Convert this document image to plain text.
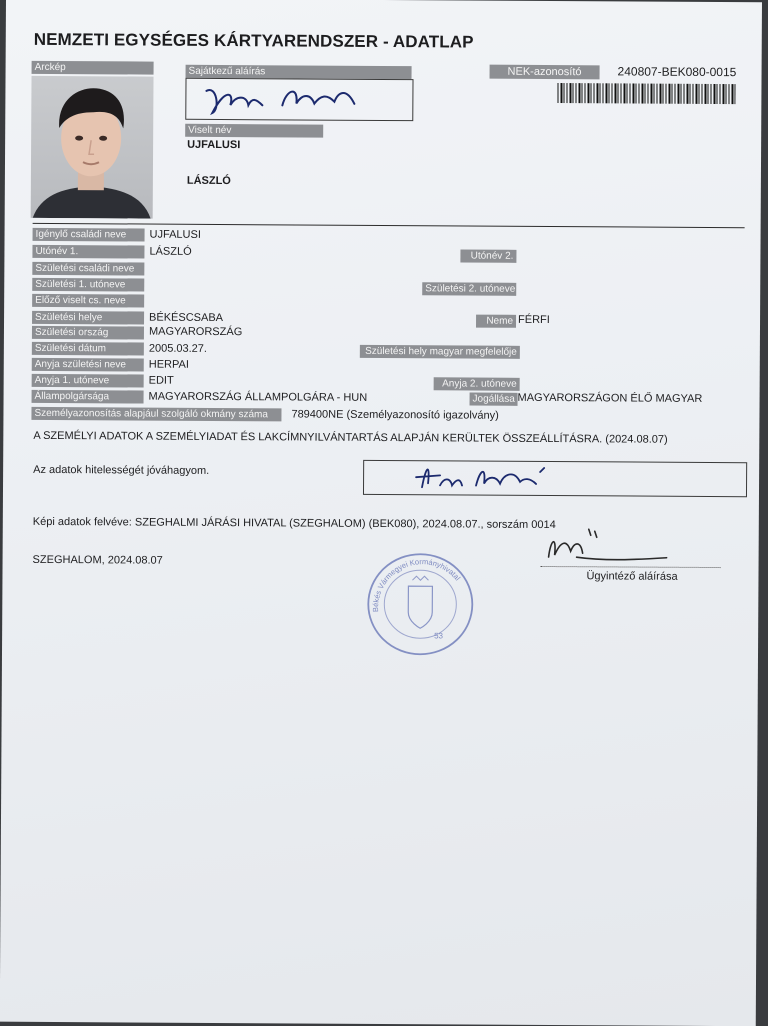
NEMZETI EGYSÉGES KÁRTYARENDSZER - ADATLAP
Arckép	Sajátkezű aláírás	NEK-azonosító	240807-BEK080-0015
Viselt név
UJFALUSI
LÁSZLÓ
Igénylő családi neve	UJFALUSI
Utónév 1.	LÁSZLÓ	Utónév 2.
Születési családi neve
Születési 1. utóneve	Születési 2. utóneve
Előző viselt cs. neve
Születési helye	BÉKÉSCSABA	Neme FÉRFI
Születési ország	MAGYARORSZÁG
Születési dátum	2005.03.27.	Születési hely magyar megfelelője
Anyja születési neve	HERPAI
Anyja 1. utóneve	EDIT	Anyja 2. utóneve
Állampolgársága	MAGYARORSZÁG ÁLLAMPOLGÁRA - HUN	Jogállása MAGYARORSZÁGON ÉLŐ MAGYAR
Személyazonosítás alapjául szolgáló okmány száma	789400NE (Személyazonosító igazolvány)
A SZEMÉLYI ADATOK A SZEMÉLYIADAT ÉS LAKCÍMNYILVÁNTARTÁS ALAPJÁN KERÜLTEK ÖSSZEÁLLÍTÁSRA. (2024.08.07)
Az adatok hitelességét jóváhagyom.
Képi adatok felvéve: SZEGHALMI JÁRÁSI HIVATAL (SZEGHALOM) (BEK080), 2024.08.07., sorszám 0014
SZEGHALOM, 2024.08.07
Ügyintéző aláírása
Békés Vármegyei Kormányhivatal
53
